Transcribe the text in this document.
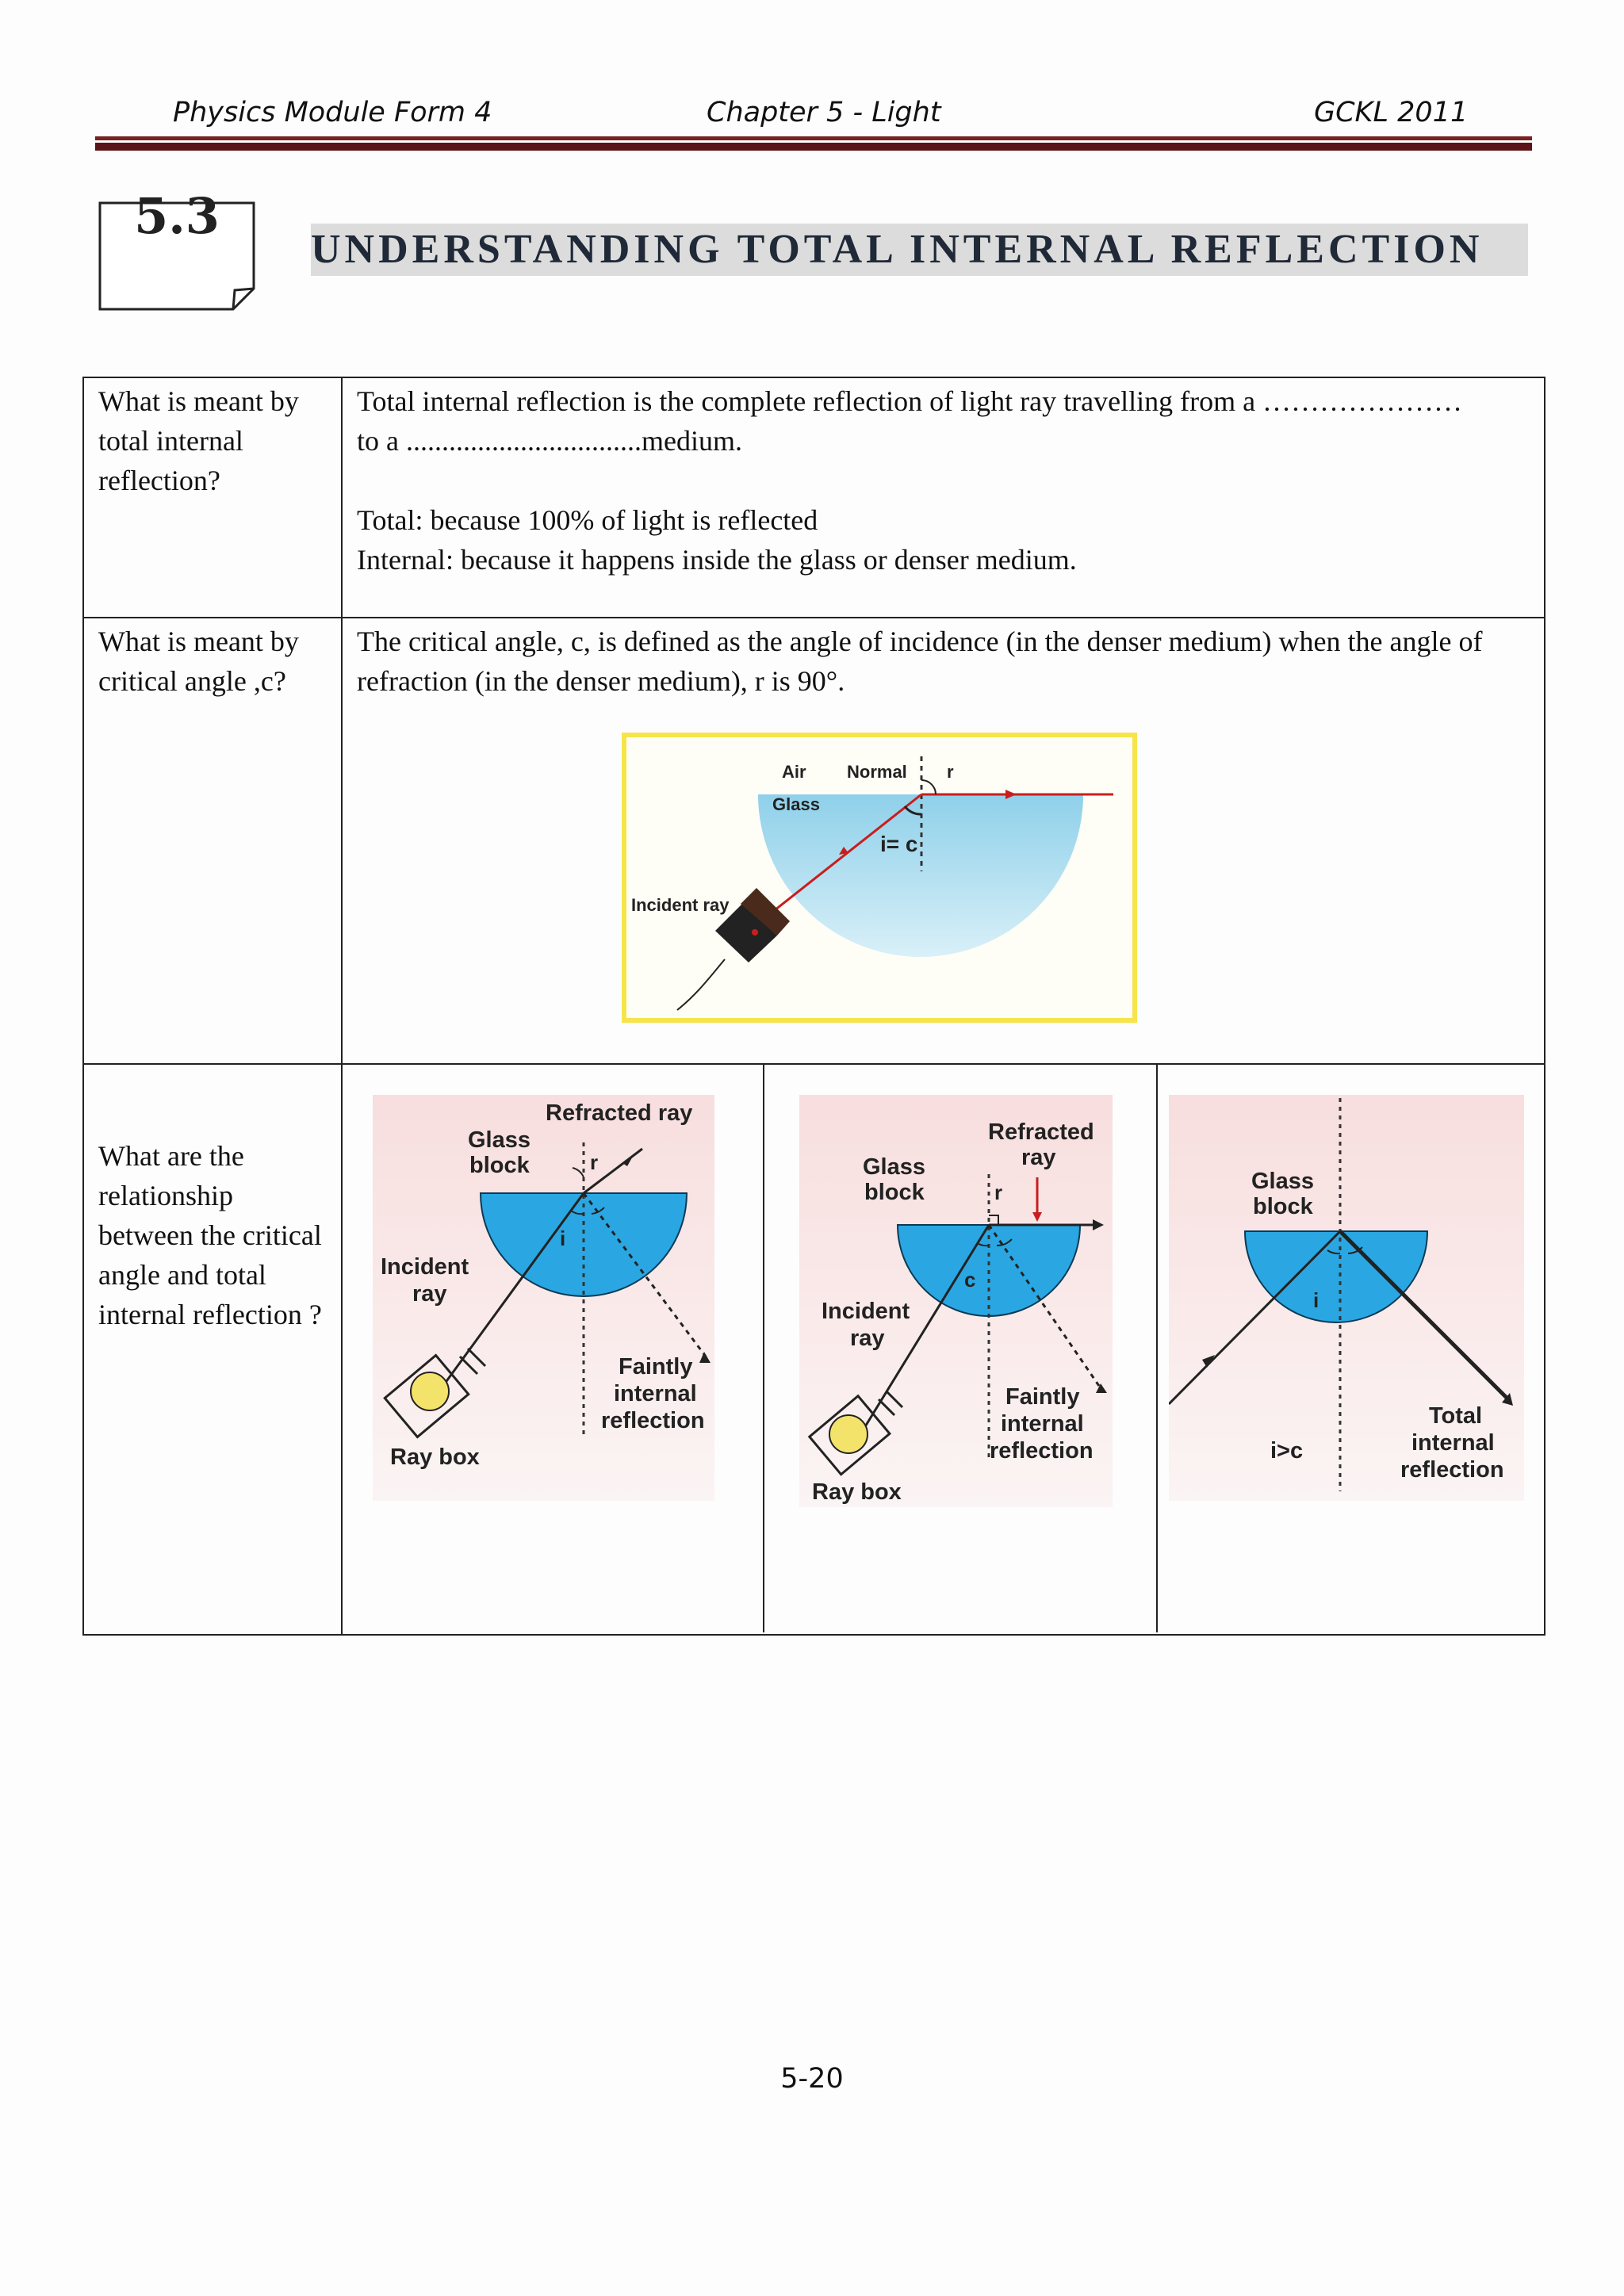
Physics Module Form 4	Chapter 5 - Light	GCKL 2011
5.3
UNDERSTANDING TOTAL INTERNAL REFLECTION
What is meant by total internal reflection?	

Total internal reflection is the complete reflection of light ray travelling from a …………………

to a .................................medium.

Total: because 100% of light is reflected

Internal: because it happens inside the glass or denser medium.

What is meant by critical angle ,c?	

The critical angle, c, is defined as the angle of incidence (in the denser medium) when the angle of refraction (in the denser medium), r is 90°.

Air Normal r
Glass
i= c
Incident ray

What are the relationship between the critical angle and total internal reflection ?	
Refracted ray
Glass
block	r
i
Incident
ray
Faintly
internal
reflection
Ray box

Refracted
ray
Glass
block	r
c
Incident
ray
Faintly
internal
reflection
Ray box

Glass
block
i
i>c
Total
internal
reflection
5-20
